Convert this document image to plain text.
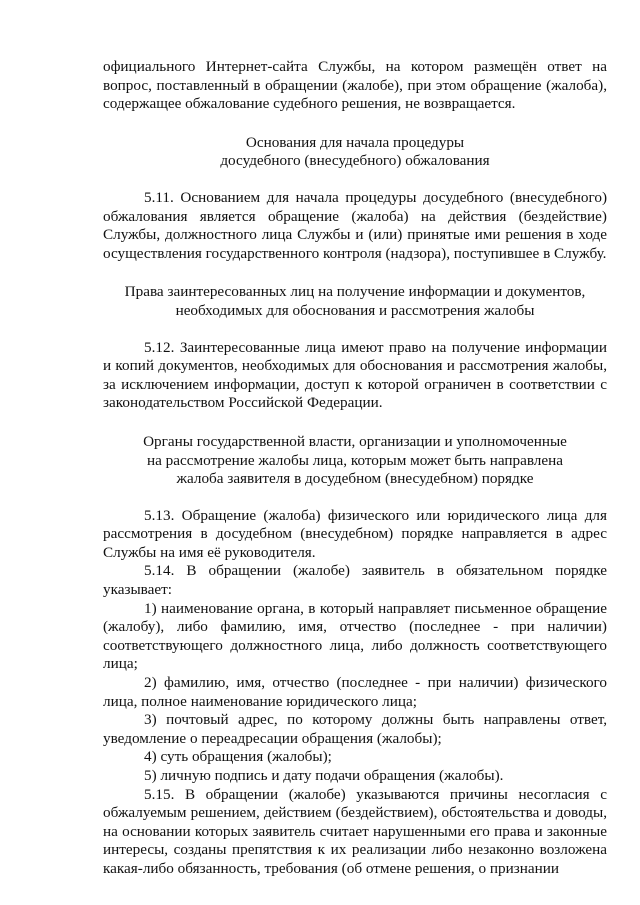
официального Интернет-сайта Службы, на котором размещён ответ на вопрос, поставленный в обращении (жалобе), при этом обращение (жалоба), содержащее обжалование судебного решения, не возвращается.

Основания для начала процедуры
досудебного (внесудебного) обжалования

5.11. Основанием для начала процедуры досудебного (внесудебного) обжалования является обращение (жалоба) на действия (бездействие) Службы, должностного лица Службы и (или) принятые ими решения в ходе осуществления государственного контроля (надзора), поступившее в Службу.

Права заинтересованных лиц на получение информации и документов,
необходимых для обоснования и рассмотрения жалобы

5.12. Заинтересованные лица имеют право на получение информации и копий документов, необходимых для обоснования и рассмотрения жалобы, за исключением информации, доступ к которой ограничен в соответствии с законодательством Российской Федерации.

Органы государственной власти, организации и уполномоченные
на рассмотрение жалобы лица, которым может быть направлена
жалоба заявителя в досудебном (внесудебном) порядке

5.13. Обращение (жалоба) физического или юридического лица для рассмотрения в досудебном (внесудебном) порядке направляется в адрес Службы на имя её руководителя.

5.14. В обращении (жалобе) заявитель в обязательном порядке указывает:

1) наименование органа, в который направляет письменное обращение (жалобу), либо фамилию, имя, отчество (последнее - при наличии) соответствующего должностного лица, либо должность соответствующего лица;

2) фамилию, имя, отчество (последнее - при наличии) физического лица, полное наименование юридического лица;

3) почтовый адрес, по которому должны быть направлены ответ, уведомление о переадресации обращения (жалобы);

4) суть обращения (жалобы);

5) личную подпись и дату подачи обращения (жалобы).

5.15. В обращении (жалобе) указываются причины несогласия с обжалуемым решением, действием (бездействием), обстоятельства и доводы, на основании которых заявитель считает нарушенными его права и законные интересы, созданы препятствия к их реализации либо незаконно возложена какая-либо обязанность, требования (об отмене решения, о признании
